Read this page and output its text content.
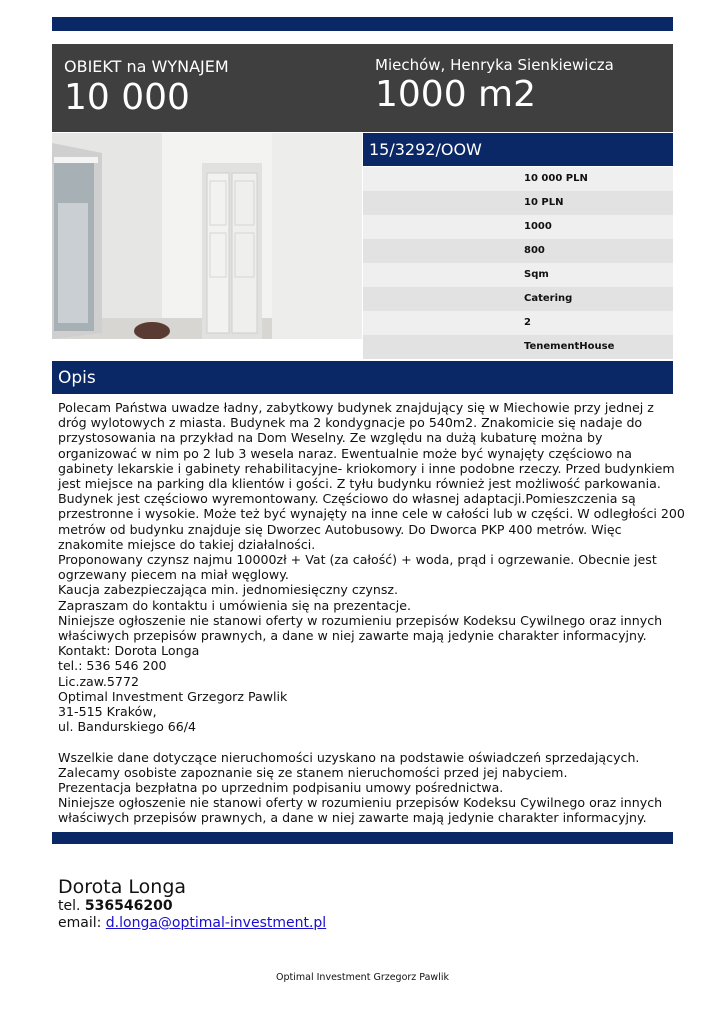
OBIEKT na WYNAJEM
10 000
Miechów, Henryka Sienkiewicza
1000 m2
15/3292/OOW
10 000 PLN
10 PLN
1000
800
Sqm
Catering
2
TenementHouse
Opis
Polecam Państwa uwadze ładny, zabytkowy budynek znajdujący się w Miechowie przy jednej z
dróg wylotowych z miasta. Budynek ma 2 kondygnacje po 540m2. Znakomicie się nadaje do
przystosowania na przykład na Dom Weselny. Ze względu na dużą kubaturę można by
organizować w nim po 2 lub 3 wesela naraz. Ewentualnie może być wynajęty częściowo na
gabinety lekarskie i gabinety rehabilitacyjne- kriokomory i inne podobne rzeczy. Przed budynkiem
jest miejsce na parking dla klientów i gości. Z tyłu budynku również jest możliwość parkowania.
Budynek jest częściowo wyremontowany. Częściowo do własnej adaptacji.Pomieszczenia są
przestronne i wysokie. Może też być wynajęty na inne cele w całości lub w części. W odległości 200
metrów od budynku znajduje się Dworzec Autobusowy. Do Dworca PKP 400 metrów. Więc
znakomite miejsce do takiej działalności.
Proponowany czynsz najmu 10000zł + Vat (za całość) + woda, prąd i ogrzewanie. Obecnie jest
ogrzewany piecem na miał węglowy.
Kaucja zabezpieczająca min. jednomiesięczny czynsz.
Zapraszam do kontaktu i umówienia się na prezentacje.
Niniejsze ogłoszenie nie stanowi oferty w rozumieniu przepisów Kodeksu Cywilnego oraz innych
właściwych przepisów prawnych, a dane w niej zawarte mają jedynie charakter informacyjny.
Kontakt: Dorota Longa
tel.: 536 546 200
Lic.zaw.5772
Optimal Investment Grzegorz Pawlik
31-515 Kraków,
ul. Bandurskiego 66/4
Wszelkie dane dotyczące nieruchomości uzyskano na podstawie oświadczeń sprzedających.
Zalecamy osobiste zapoznanie się ze stanem nieruchomości przed jej nabyciem.
Prezentacja bezpłatna po uprzednim podpisaniu umowy pośrednictwa.
Niniejsze ogłoszenie nie stanowi oferty w rozumieniu przepisów Kodeksu Cywilnego oraz innych
właściwych przepisów prawnych, a dane w niej zawarte mają jedynie charakter informacyjny.
Dorota Longa
tel. 536546200
email: d.longa@optimal-investment.pl
Optimal Investment Grzegorz Pawlik
